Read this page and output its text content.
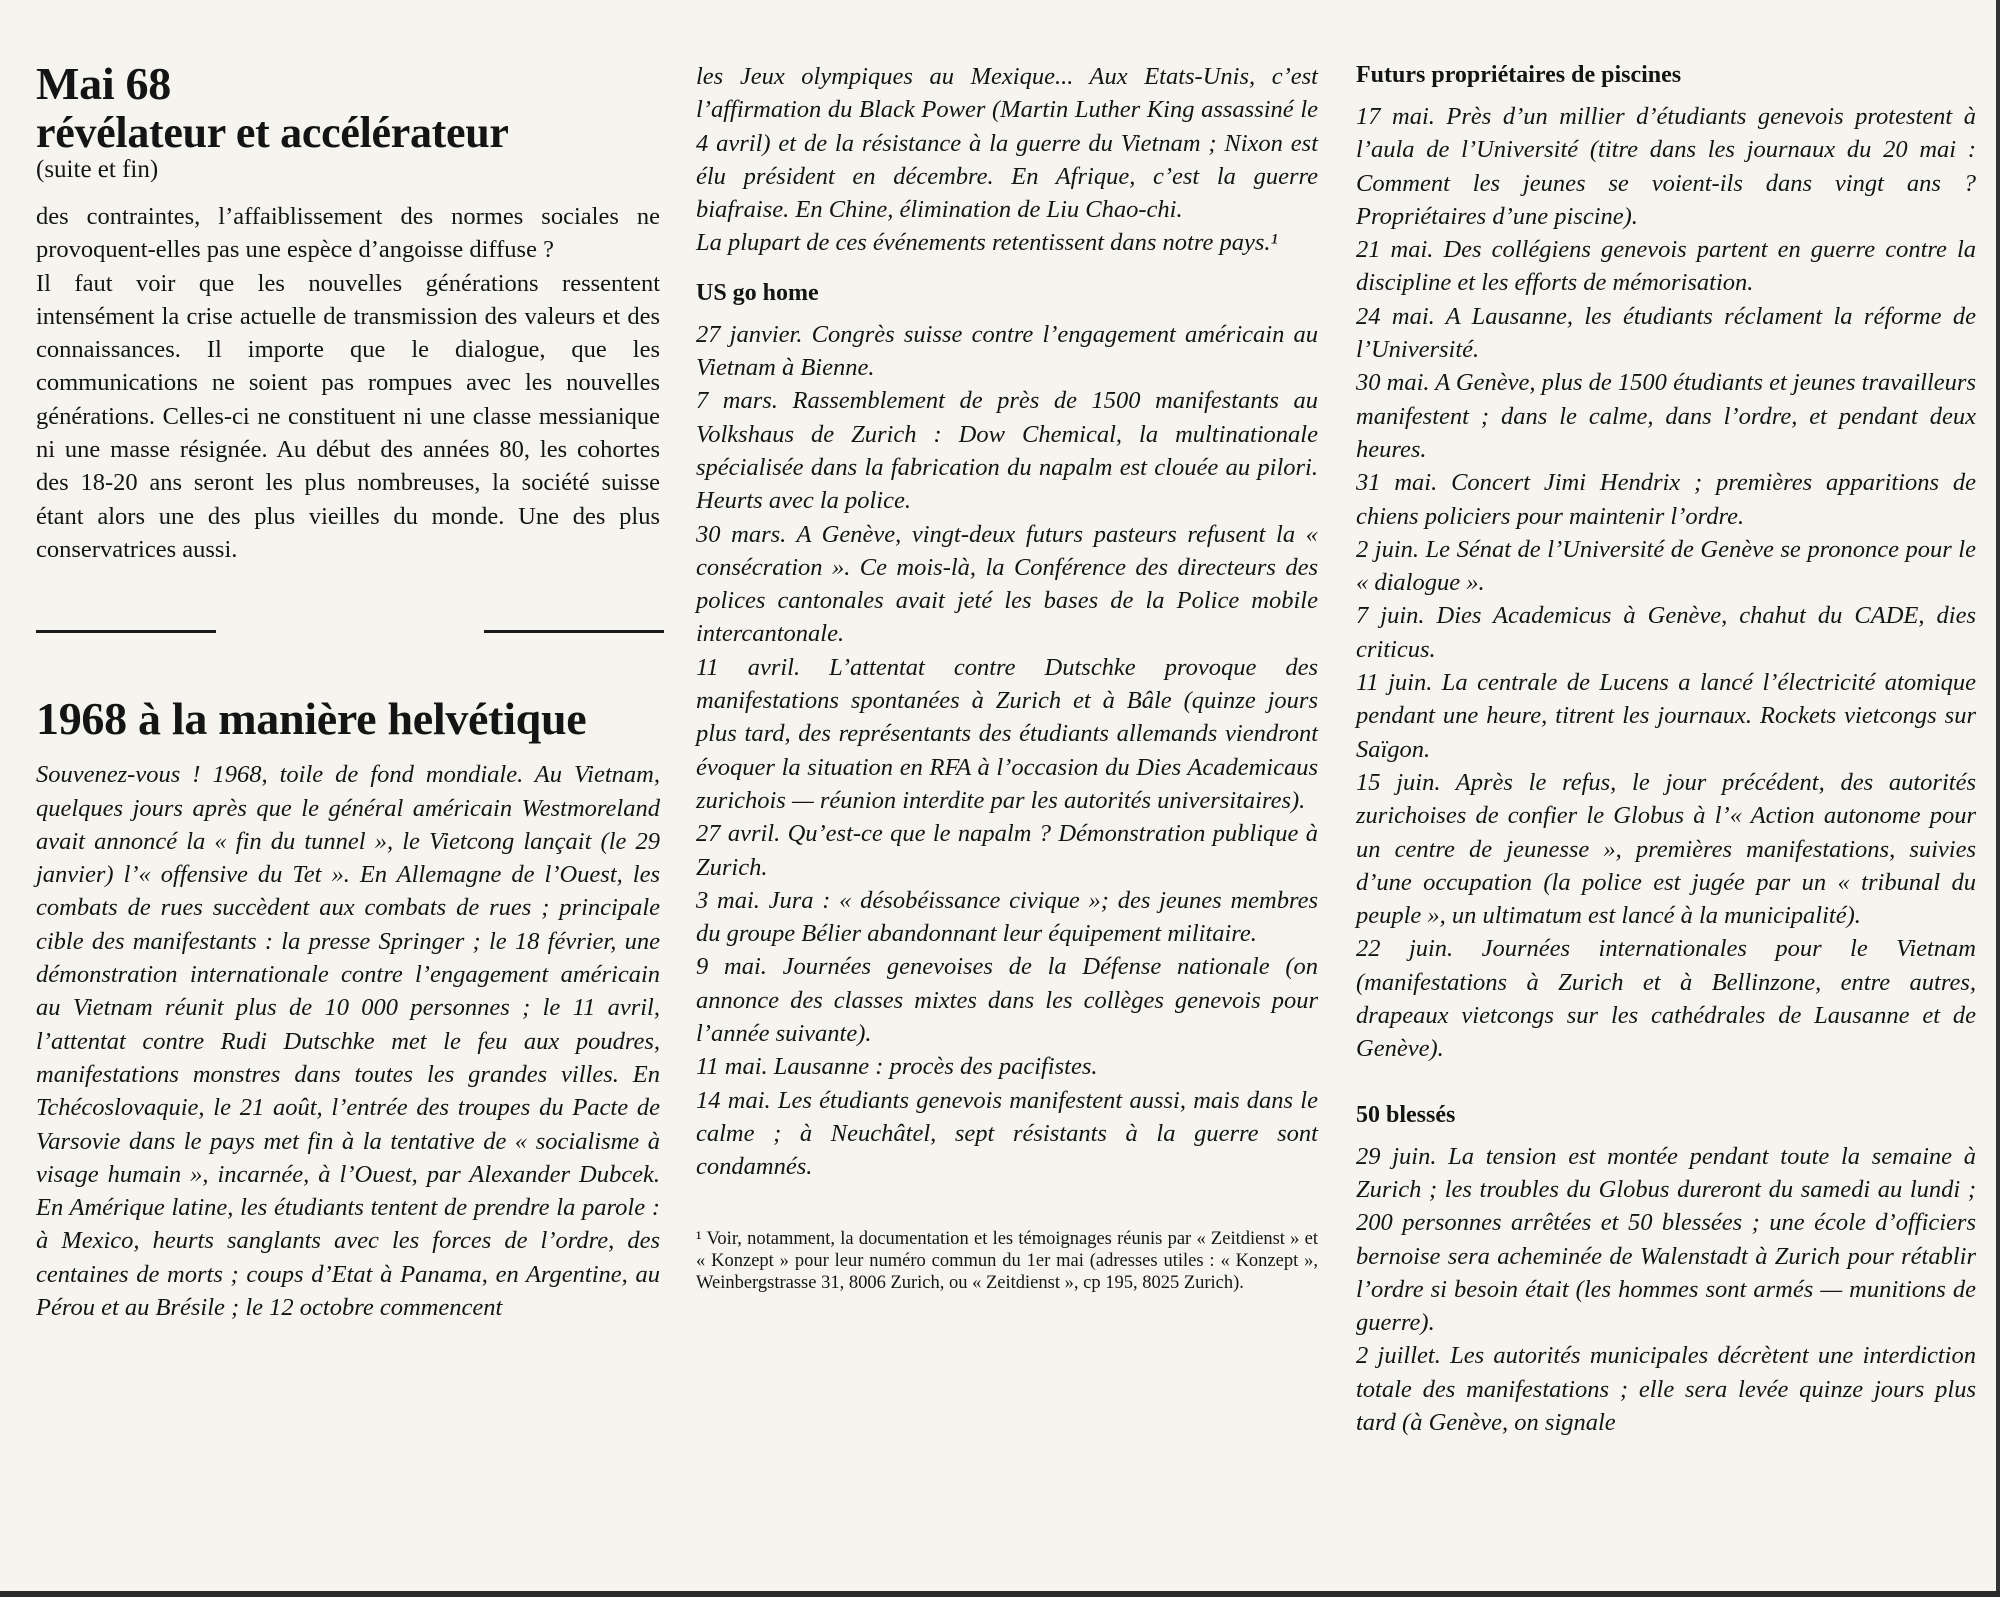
Mai 68
révélateur et accélérateur

(suite et fin)

des contraintes, l’affaiblissement des normes sociales ne provoquent-elles pas une espèce d’angoisse diffuse ?

Il faut voir que les nouvelles générations ressentent intensément la crise actuelle de transmission des valeurs et des connaissances. Il importe que le dialogue, que les communications ne soient pas rompues avec les nouvelles générations. Celles-ci ne constituent ni une classe messianique ni une masse résignée. Au début des années 80, les cohortes des 18-20 ans seront les plus nombreuses, la société suisse étant alors une des plus vieilles du monde. Une des plus conservatrices aussi.

1968 à la manière helvétique

Souvenez-vous ! 1968, toile de fond mondiale. Au Vietnam, quelques jours après que le général américain Westmoreland avait annoncé la « fin du tunnel », le Vietcong lançait (le 29 janvier) l’« offensive du Tet ». En Allemagne de l’Ouest, les combats de rues succèdent aux combats de rues ; principale cible des manifestants : la presse Springer ; le 18 février, une démonstration internationale contre l’engagement américain au Vietnam réunit plus de 10 000 personnes ; le 11 avril, l’attentat contre Rudi Dutschke met le feu aux poudres, manifestations monstres dans toutes les grandes villes. En Tchécoslovaquie, le 21 août, l’entrée des troupes du Pacte de Varsovie dans le pays met fin à la tentative de « socialisme à visage humain », incarnée, à l’Ouest, par Alexander Dubcek. En Amérique latine, les étudiants tentent de prendre la parole : à Mexico, heurts sanglants avec les forces de l’ordre, des centaines de morts ; coups d’Etat à Panama, en Argentine, au Pérou et au Brésile ; le 12 octobre commencent

les Jeux olympiques au Mexique... Aux Etats-Unis, c’est l’affirmation du Black Power (Martin Luther King assassiné le 4 avril) et de la résistance à la guerre du Vietnam ; Nixon est élu président en décembre. En Afrique, c’est la guerre biafraise. En Chine, élimination de Liu Chao-chi.

La plupart de ces événements retentissent dans notre pays.¹

US go home

27 janvier. Congrès suisse contre l’engagement américain au Vietnam à Bienne.

7 mars. Rassemblement de près de 1500 manifestants au Volkshaus de Zurich : Dow Chemical, la multinationale spécialisée dans la fabrication du napalm est clouée au pilori. Heurts avec la police.

30 mars. A Genève, vingt-deux futurs pasteurs refusent la « consécration ». Ce mois-là, la Conférence des directeurs des polices cantonales avait jeté les bases de la Police mobile intercantonale.

11 avril. L’attentat contre Dutschke provoque des manifestations spontanées à Zurich et à Bâle (quinze jours plus tard, des représentants des étudiants allemands viendront évoquer la situation en RFA à l’occasion du Dies Academicaus zurichois — réunion interdite par les autorités universitaires).

27 avril. Qu’est-ce que le napalm ? Démonstration publique à Zurich.

3 mai. Jura : « désobéissance civique »; des jeunes membres du groupe Bélier abandonnant leur équipement militaire.

9 mai. Journées genevoises de la Défense nationale (on annonce des classes mixtes dans les collèges genevois pour l’année suivante).

11 mai. Lausanne : procès des pacifistes.

14 mai. Les étudiants genevois manifestent aussi, mais dans le calme ; à Neuchâtel, sept résistants à la guerre sont condamnés.

¹ Voir, notamment, la documentation et les témoignages réunis par « Zeitdienst » et « Konzept » pour leur numéro commun du 1er mai (adresses utiles : « Konzept », Weinbergstrasse 31, 8006 Zurich, ou « Zeitdienst », cp 195, 8025 Zurich).

Futurs propriétaires de piscines

17 mai. Près d’un millier d’étudiants genevois protestent à l’aula de l’Université (titre dans les journaux du 20 mai : Comment les jeunes se voient-ils dans vingt ans ? Propriétaires d’une piscine).

21 mai. Des collégiens genevois partent en guerre contre la discipline et les efforts de mémorisation.

24 mai. A Lausanne, les étudiants réclament la réforme de l’Université.

30 mai. A Genève, plus de 1500 étudiants et jeunes travailleurs manifestent ; dans le calme, dans l’ordre, et pendant deux heures.

31 mai. Concert Jimi Hendrix ; premières apparitions de chiens policiers pour maintenir l’ordre.

2 juin. Le Sénat de l’Université de Genève se prononce pour le « dialogue ».

7 juin. Dies Academicus à Genève, chahut du CADE, dies criticus.

11 juin. La centrale de Lucens a lancé l’électricité atomique pendant une heure, titrent les journaux. Rockets vietcongs sur Saïgon.

15 juin. Après le refus, le jour précédent, des autorités zurichoises de confier le Globus à l’« Action autonome pour un centre de jeunesse », premières manifestations, suivies d’une occupation (la police est jugée par un « tribunal du peuple », un ultimatum est lancé à la municipalité).

22 juin. Journées internationales pour le Vietnam (manifestations à Zurich et à Bellinzone, entre autres, drapeaux vietcongs sur les cathédrales de Lausanne et de Genève).

50 blessés

29 juin. La tension est montée pendant toute la semaine à Zurich ; les troubles du Globus dureront du samedi au lundi ; 200 personnes arrêtées et 50 blessées ; une école d’officiers bernoise sera acheminée de Walenstadt à Zurich pour rétablir l’ordre si besoin était (les hommes sont armés — munitions de guerre).

2 juillet. Les autorités municipales décrètent une interdiction totale des manifestations ; elle sera levée quinze jours plus tard (à Genève, on signale
